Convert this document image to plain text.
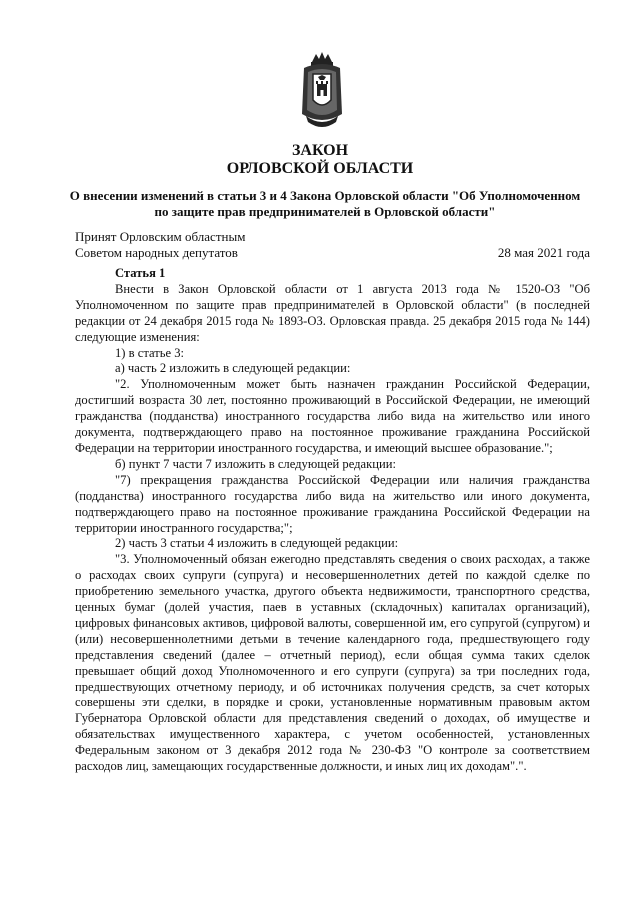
ЗАКОН
ОРЛОВСКОЙ ОБЛАСТИ
О внесении изменений в статьи 3 и 4 Закона Орловской области "Об Уполномоченном
по защите прав предпринимателей в Орловской области"
Принят Орловским областным
Советом народных депутатов	28 мая 2021 года

Статья 1

Внести в Закон Орловской области от 1 августа 2013 года № 1520-ОЗ "Об Уполномоченном по защите прав предпринимателей в Орловской области" (в последней редакции от 24 декабря 2015 года № 1893-ОЗ. Орловская правда. 25 декабря 2015 года № 144) следующие изменения:

1) в статье 3:

а) часть 2 изложить в следующей редакции:

"2. Уполномоченным может быть назначен гражданин Российской Федерации, достигший возраста 30 лет, постоянно проживающий в Российской Федерации, не имеющий гражданства (подданства) иностранного государства либо вида на жительство или иного документа, подтверждающего право на постоянное проживание гражданина Российской Федерации на территории иностранного государства, и имеющий высшее образование.";

б) пункт 7 части 7 изложить в следующей редакции:

"7) прекращения гражданства Российской Федерации или наличия гражданства (подданства) иностранного государства либо вида на жительство или иного документа, подтверждающего право на постоянное проживание гражданина Российской Федерации на территории иностранного государства;";

2) часть 3 статьи 4 изложить в следующей редакции:

"3. Уполномоченный обязан ежегодно представлять сведения о своих расходах, а также о расходах своих супруги (супруга) и несовершеннолетних детей по каждой сделке по приобретению земельного участка, другого объекта недвижимости, транспортного средства, ценных бумаг (долей участия, паев в уставных (складочных) капиталах организаций), цифровых финансовых активов, цифровой валюты, совершенной им, его супругой (супругом) и (или) несовершеннолетними детьми в течение календарного года, предшествующего году представления сведений (далее – отчетный период), если общая сумма таких сделок превышает общий доход Уполномоченного и его супруги (супруга) за три последних года, предшествующих отчетному периоду, и об источниках получения средств, за счет которых совершены эти сделки, в порядке и сроки, установленные нормативным правовым актом Губернатора Орловской области для представления сведений о доходах, об имуществе и обязательствах имущественного характера, с учетом особенностей, установленных Федеральным законом от 3 декабря 2012 года № 230-ФЗ "О контроле за соответствием расходов лиц, замещающих государственные должности, и иных лиц их доходам".".
